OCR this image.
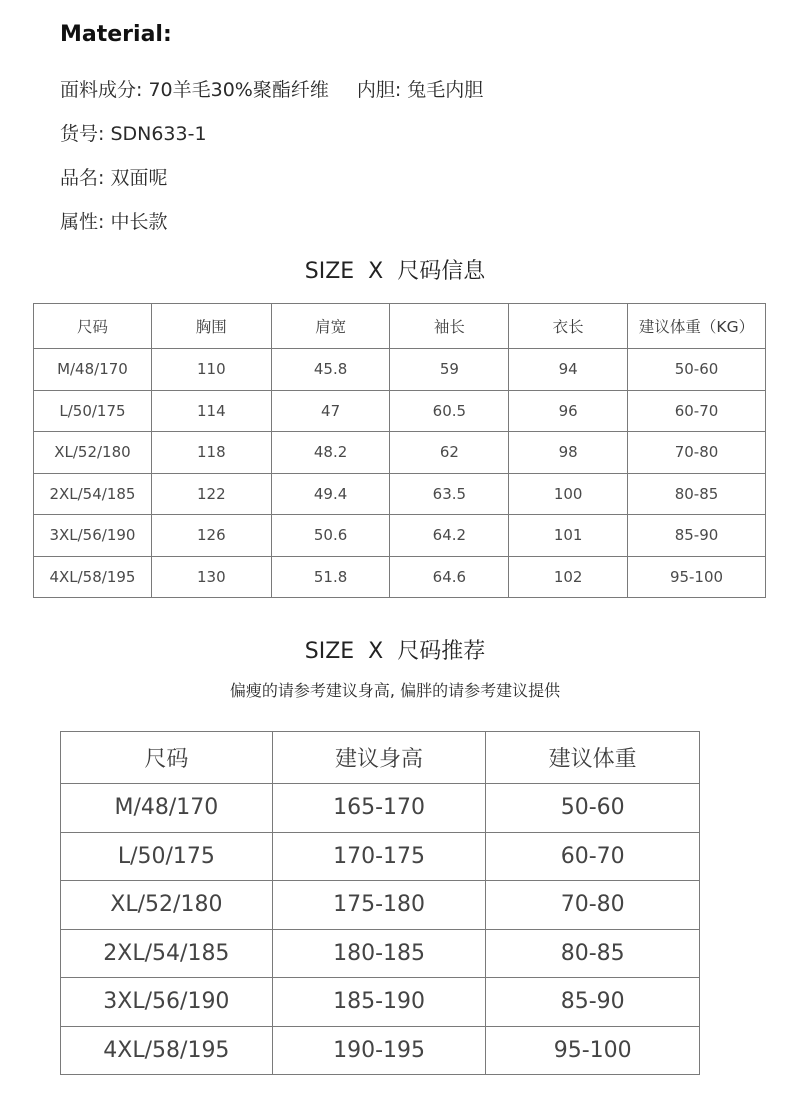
Material:
面料成分: 70羊毛30%聚酯纤维 内胆: 兔毛内胆
货号: SDN633-1
品名: 双面呢
属性: 中长款
SIZE X 尺码信息
尺码	胸围	肩宽	袖长	衣长	建议体重（KG）
M/48/170	110	45.8	59	94	50-60
L/50/175	114	47	60.5	96	60-70
XL/52/180	118	48.2	62	98	70-80
2XL/54/185	122	49.4	63.5	100	80-85
3XL/56/190	126	50.6	64.2	101	85-90
4XL/58/195	130	51.8	64.6	102	95-100
SIZE X 尺码推荐
偏瘦的请参考建议身高, 偏胖的请参考建议提供
尺码	建议身高	建议体重
M/48/170	165-170	50-60
L/50/175	170-175	60-70
XL/52/180	175-180	70-80
2XL/54/185	180-185	80-85
3XL/56/190	185-190	85-90
4XL/58/195	190-195	95-100
